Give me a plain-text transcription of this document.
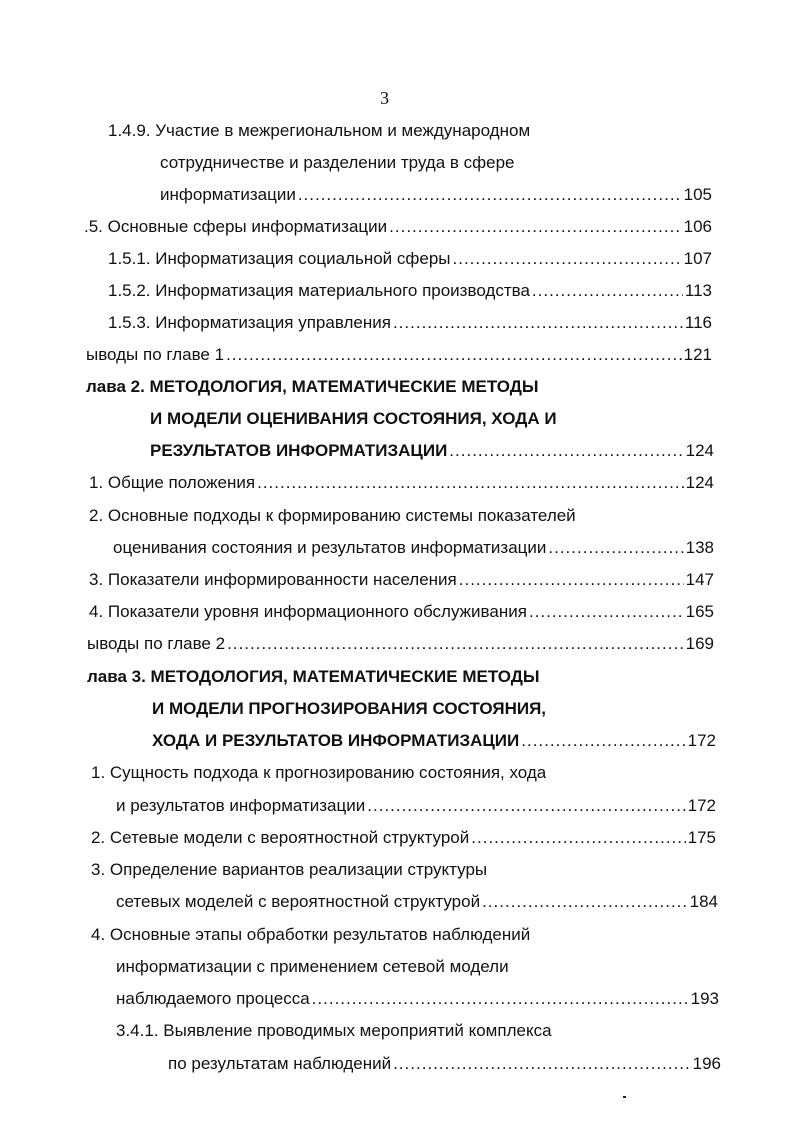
3
1.4.9. Участие в межрегиональном и международном
сотрудничестве и разделении труда в сфере
информатизации .....	105
.5. Основные сферы информатизации .....	106
1.5.1. Информатизация социальной сферы .....	107
1.5.2. Информатизация материального производства .....	113
1.5.3. Информатизация управления .....	116
ыводы по главе 1 .....	121
лава 2. МЕТОДОЛОГИЯ, МАТЕМАТИЧЕСКИЕ МЕТОДЫ
И МОДЕЛИ ОЦЕНИВАНИЯ СОСТОЯНИЯ, ХОДА И
РЕЗУЛЬТАТОВ ИНФОРМАТИЗАЦИИ .....	124
1. Общие положения .....	124
2. Основные подходы к формированию системы показателей
оценивания состояния и результатов информатизации .....	138
3. Показатели информированности населения .....	147
4. Показатели уровня информационного обслуживания .....	165
ыводы по главе 2 .....	169
лава 3. МЕТОДОЛОГИЯ, МАТЕМАТИЧЕСКИЕ МЕТОДЫ
И МОДЕЛИ ПРОГНОЗИРОВАНИЯ СОСТОЯНИЯ,
ХОДА И РЕЗУЛЬТАТОВ ИНФОРМАТИЗАЦИИ .....	172
1. Сущность подхода к прогнозированию состояния, хода
и результатов информатизации .....	172
2. Сетевые модели с вероятностной структурой .....	175
3. Определение вариантов реализации структуры
сетевых моделей с вероятностной структурой .....	184
4. Основные этапы обработки результатов наблюдений
информатизации с применением сетевой модели
наблюдаемого процесса .....	193
3.4.1. Выявление проводимых мероприятий комплекса
по результатам наблюдений .....	196
